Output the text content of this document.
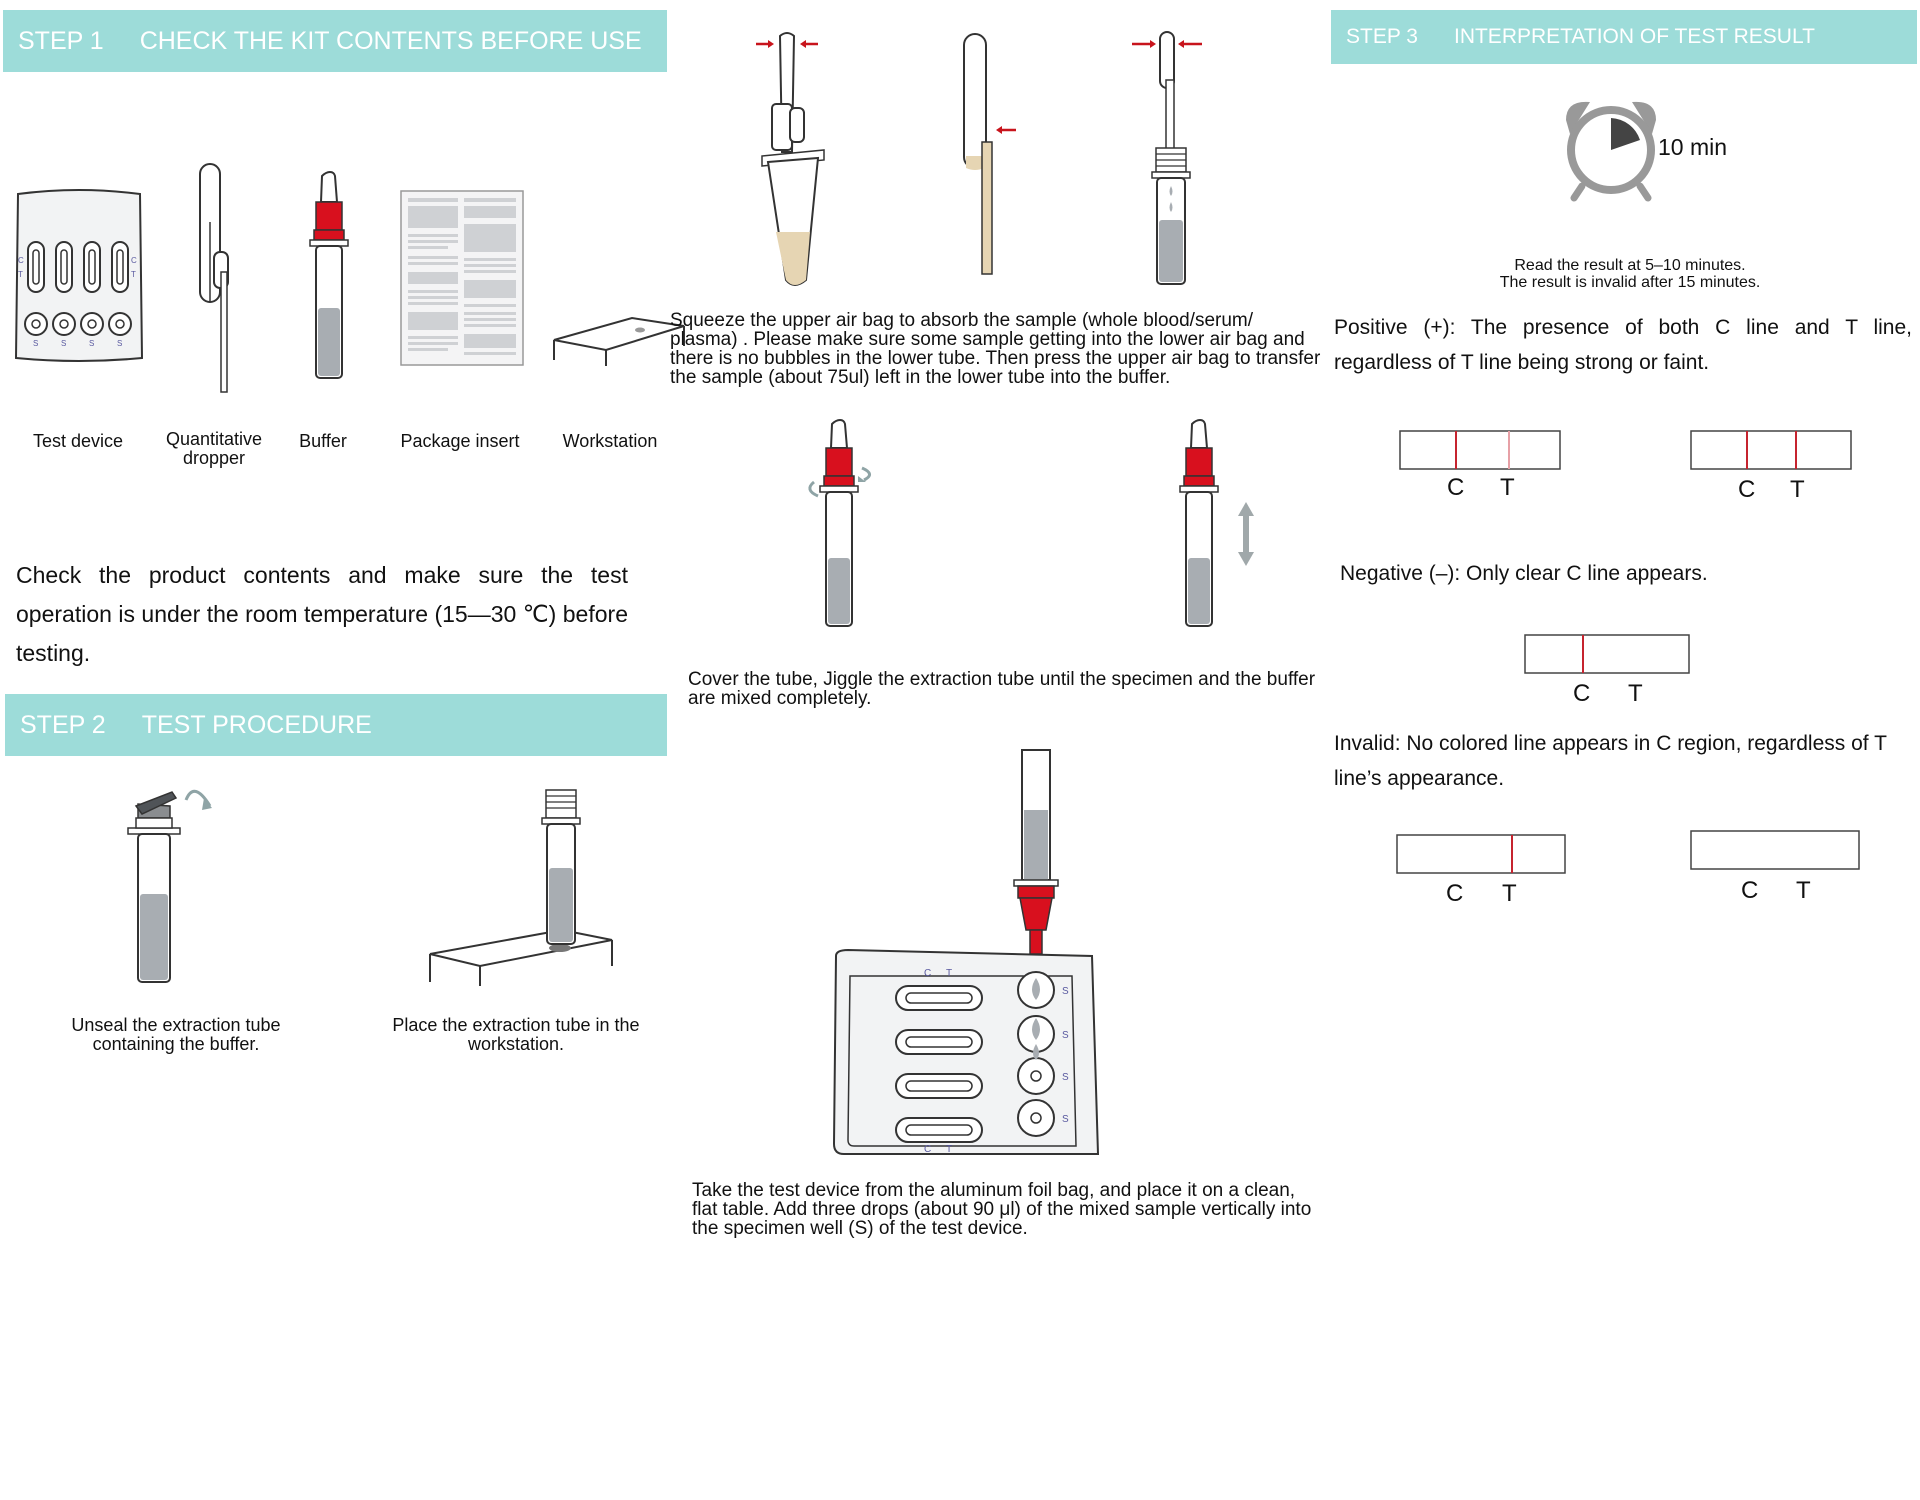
STEP 1 CHECK THE KIT CONTENTS BEFORE USE
C
T
C
T
S	S	S	S
Test device	Quantitative dropper
Buffer	Package insert	Workstation
Check the product contents and make sure the test operation is under the room temperature (15—30 ℃) before testing.
STEP 2 TEST PROCEDURE
Unseal the extraction tube containing the buffer.
Place the extraction tube in the workstation.
Squeeze the upper air bag to absorb the sample (whole blood/serum/ plasma) . Please make sure some sample getting into the lower air bag and there is no bubbles in the lower tube. Then press the upper air bag to transfer the sample (about 75ul) left in the lower tube into the buffer.
Cover the tube, Jiggle the extraction tube until the specimen and the buffer are mixed completely.
C T
C T
S
S
S
S
Take the test device from the aluminum foil bag, and place it on a clean, flat table. Add three drops (about 90 μl) of the mixed sample vertically into the specimen well (S) of the test device.
STEP 3 INTERPRETATION OF TEST RESULT
10 min
Read the result at 5–10 minutes.
The result is invalid after 15 minutes.
Positive (+): The presence of both C line and T line, regardless of T line being strong or faint.
C T	C T
Negative (–): Only clear C line appears.
C T
Invalid: No colored line appears in C region, regardless of T line’s appearance.
C T	C T
